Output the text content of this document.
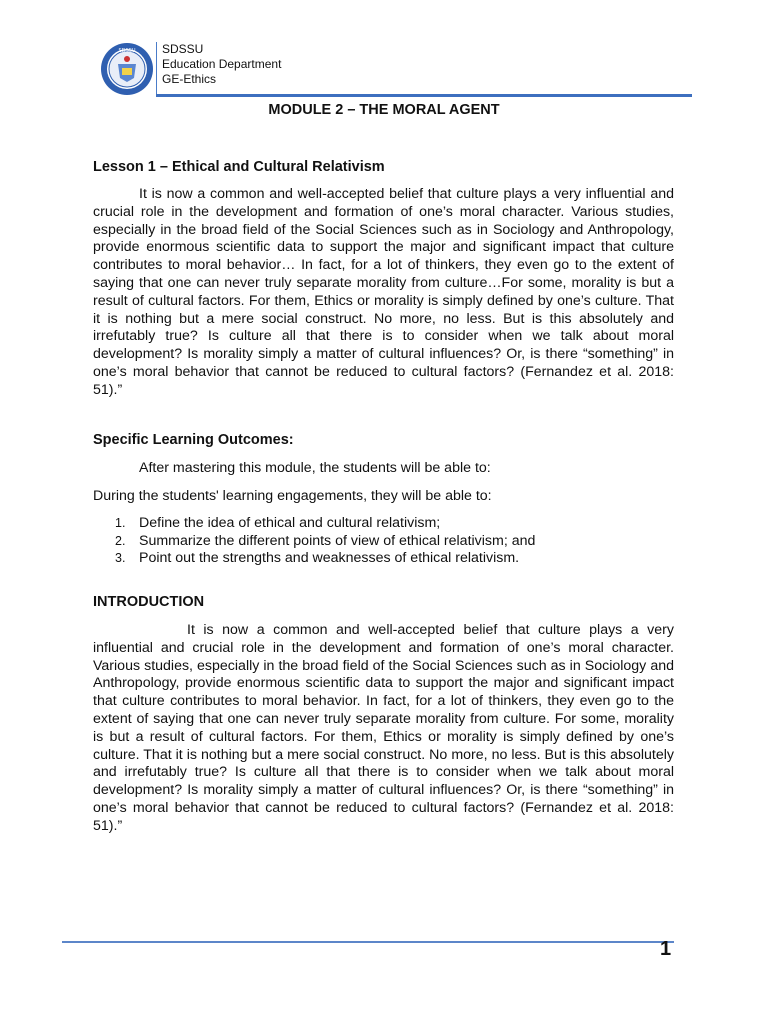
SDSSU SDSSU
Education Department
GE-Ethics
MODULE 2 – THE MORAL AGENT
Lesson 1 – Ethical and Cultural Relativism

It is now a common and well-accepted belief that culture plays a very influential and crucial role in the development and formation of one’s moral character. Various studies, especially in the broad field of the Social Sciences such as in Sociology and Anthropology, provide enormous scientific data to support the major and significant impact that culture contributes to moral behavior… In fact, for a lot of thinkers, they even go to the extent of saying that one can never truly separate morality from culture…For some, morality is but a result of cultural factors. For them, Ethics or morality is simply defined by one’s culture. That it is nothing but a mere social construct. No more, no less. But is this absolutely and irrefutably true? Is culture all that there is to consider when we talk about moral development? Is morality simply a matter of cultural influences? Or, is there “something” in one’s moral behavior that cannot be reduced to cultural factors? (Fernandez et al. 2018: 51).”

Specific Learning Outcomes:

After mastering this module, the students will be able to:

During the students' learning engagements, they will be able to:

1. Define the idea of ethical and cultural relativism;
2. Summarize the different points of view of ethical relativism; and
3. Point out the strengths and weaknesses of ethical relativism.
INTRODUCTION

It is now a common and well-accepted belief that culture plays a very influential and crucial role in the development and formation of one’s moral character. Various studies, especially in the broad field of the Social Sciences such as in Sociology and Anthropology, provide enormous scientific data to support the major and significant impact that culture contributes to moral behavior. In fact, for a lot of thinkers, they even go to the extent of saying that one can never truly separate morality from culture. For some, morality is but a result of cultural factors. For them, Ethics or morality is simply defined by one’s culture. That it is nothing but a mere social construct. No more, no less. But is this absolutely and irrefutably true? Is culture all that there is to consider when we talk about moral development? Is morality simply a matter of cultural influences? Or, is there “something” in one’s moral behavior that cannot be reduced to cultural factors? (Fernandez et al. 2018: 51).”

1
